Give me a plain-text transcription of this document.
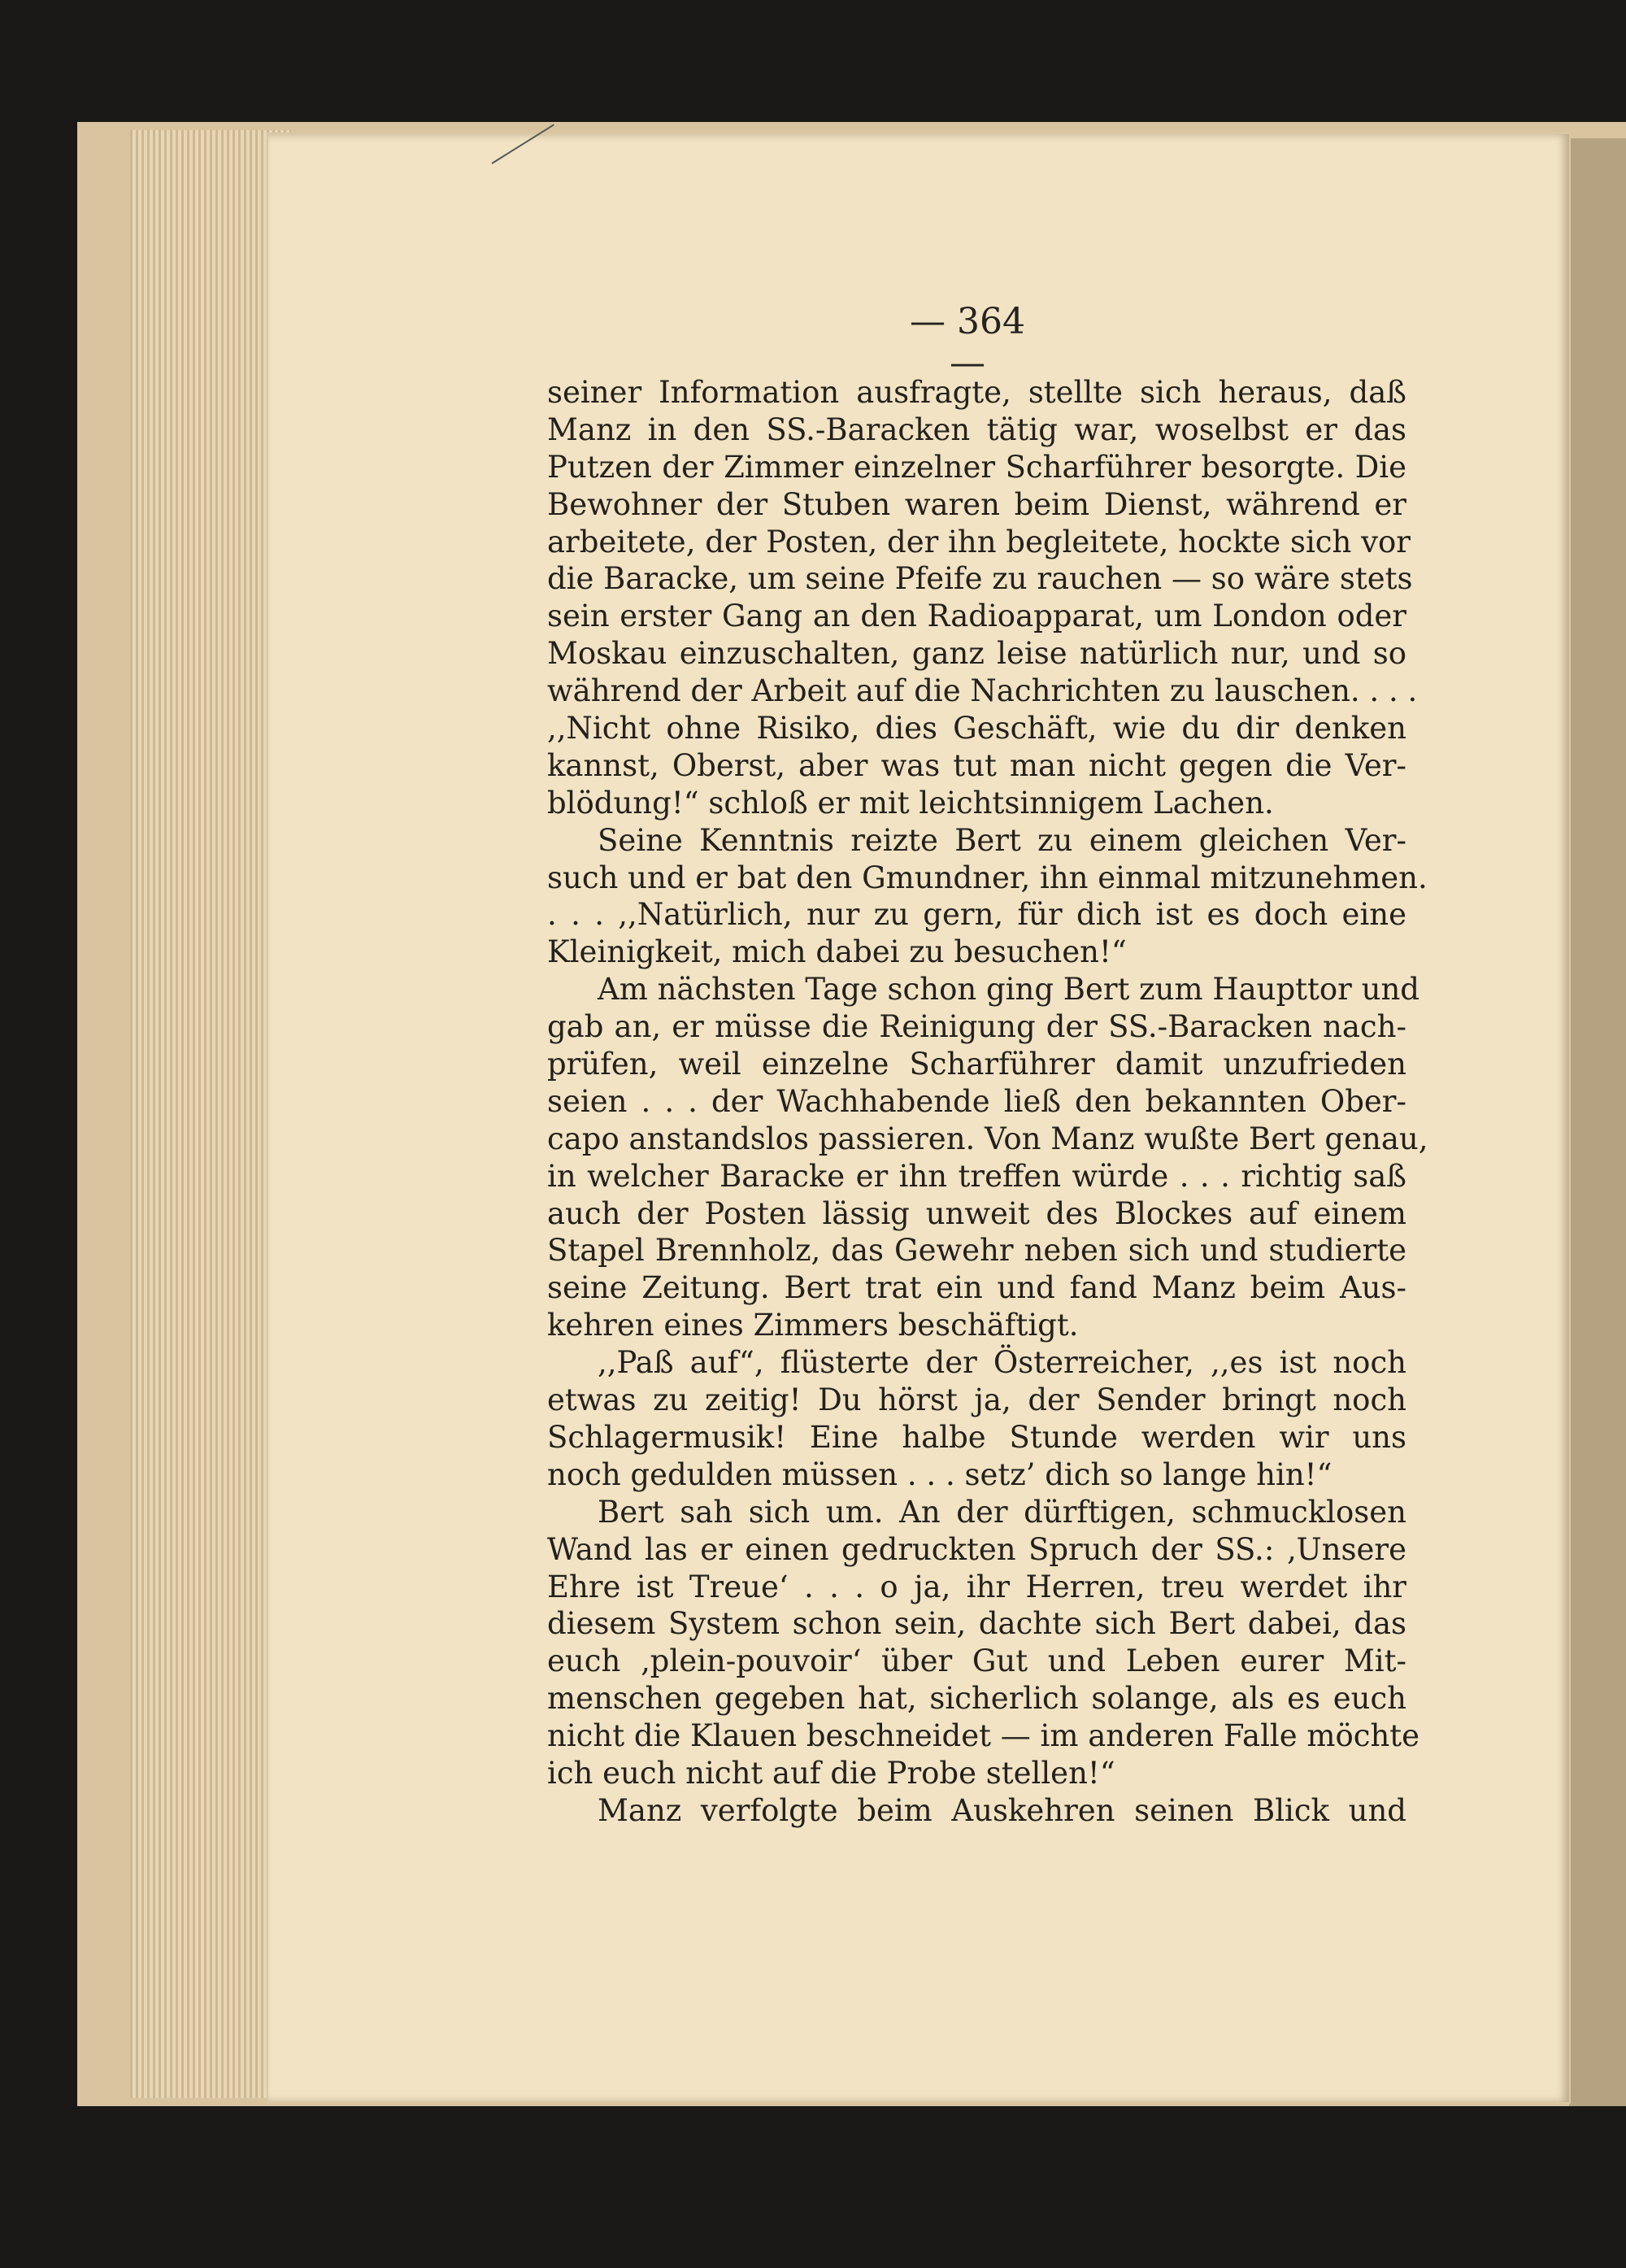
— 364 —
seiner Information ausfragte, stellte sich heraus, daß
Manz in den SS.-Baracken tätig war, woselbst er das
Putzen der Zimmer einzelner Scharführer besorgte. Die
Bewohner der Stuben waren beim Dienst, während er
arbeitete, der Posten, der ihn begleitete, hockte sich vor
die Baracke, um seine Pfeife zu rauchen — so wäre stets
sein erster Gang an den Radioapparat, um London oder
Moskau einzuschalten, ganz leise natürlich nur, und so
während der Arbeit auf die Nachrichten zu lauschen. . . .
,,Nicht ohne Risiko, dies Geschäft, wie du dir denken
kannst, Oberst, aber was tut man nicht gegen die Ver-
blödung!“ schloß er mit leichtsinnigem Lachen.
Seine Kenntnis reizte Bert zu einem gleichen Ver-
such und er bat den Gmundner, ihn einmal mitzunehmen.
. . . ,,Natürlich, nur zu gern, für dich ist es doch eine
Kleinigkeit, mich dabei zu besuchen!“
Am nächsten Tage schon ging Bert zum Haupttor und
gab an, er müsse die Reinigung der SS.-Baracken nach-
prüfen, weil einzelne Scharführer damit unzufrieden
seien . . . der Wachhabende ließ den bekannten Ober-
capo anstandslos passieren. Von Manz wußte Bert genau,
in welcher Baracke er ihn treffen würde . . . richtig saß
auch der Posten lässig unweit des Blockes auf einem
Stapel Brennholz, das Gewehr neben sich und studierte
seine Zeitung. Bert trat ein und fand Manz beim Aus-
kehren eines Zimmers beschäftigt.
,,Paß auf“, flüsterte der Österreicher, ,,es ist noch
etwas zu zeitig! Du hörst ja, der Sender bringt noch
Schlagermusik! Eine halbe Stunde werden wir uns
noch gedulden müssen . . . setz’ dich so lange hin!“
Bert sah sich um. An der dürftigen, schmucklosen
Wand las er einen gedruckten Spruch der SS.: ‚Unsere
Ehre ist Treue‘ . . . o ja, ihr Herren, treu werdet ihr
diesem System schon sein, dachte sich Bert dabei, das
euch ‚plein-pouvoir‘ über Gut und Leben eurer Mit-
menschen gegeben hat, sicherlich solange, als es euch
nicht die Klauen beschneidet — im anderen Falle möchte
ich euch nicht auf die Probe stellen!“
Manz verfolgte beim Auskehren seinen Blick und
